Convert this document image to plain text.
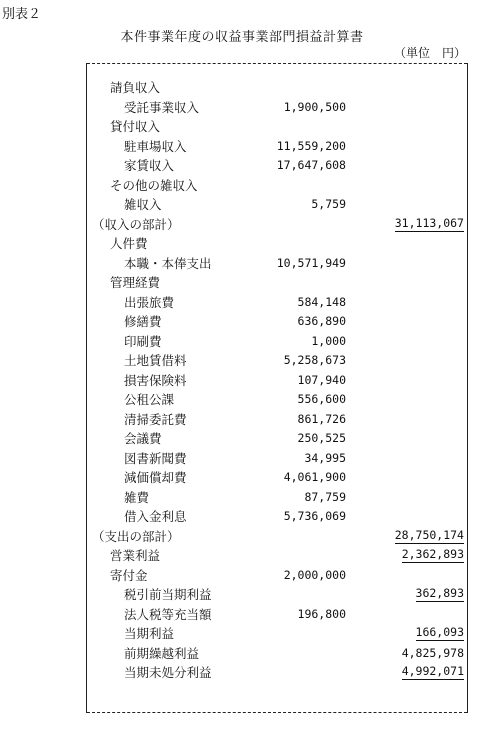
別表２
本件事業年度の収益事業部門損益計算書
（単位　円）
請負収入
受託事業収入	1,900,500
貸付収入
駐車場収入	11,559,200
家賃収入	17,647,608
その他の雑収入
雑収入	5,759
（収入の部計）	31,113,067
人件費
本職・本俸支出	10,571,949
管理経費
出張旅費	584,148
修繕費	636,890
印刷費	1,000
土地賃借料	5,258,673
損害保険料	107,940
公租公課	556,600
清掃委託費	861,726
会議費	250,525
図書新聞費	34,995
減価償却費	4,061,900
雑費	87,759
借入金利息	5,736,069
（支出の部計）	28,750,174
営業利益	2,362,893
寄付金	2,000,000
税引前当期利益	362,893
法人税等充当額	196,800
当期利益	166,093
前期繰越利益	4,825,978
当期未処分利益	4,992,071
